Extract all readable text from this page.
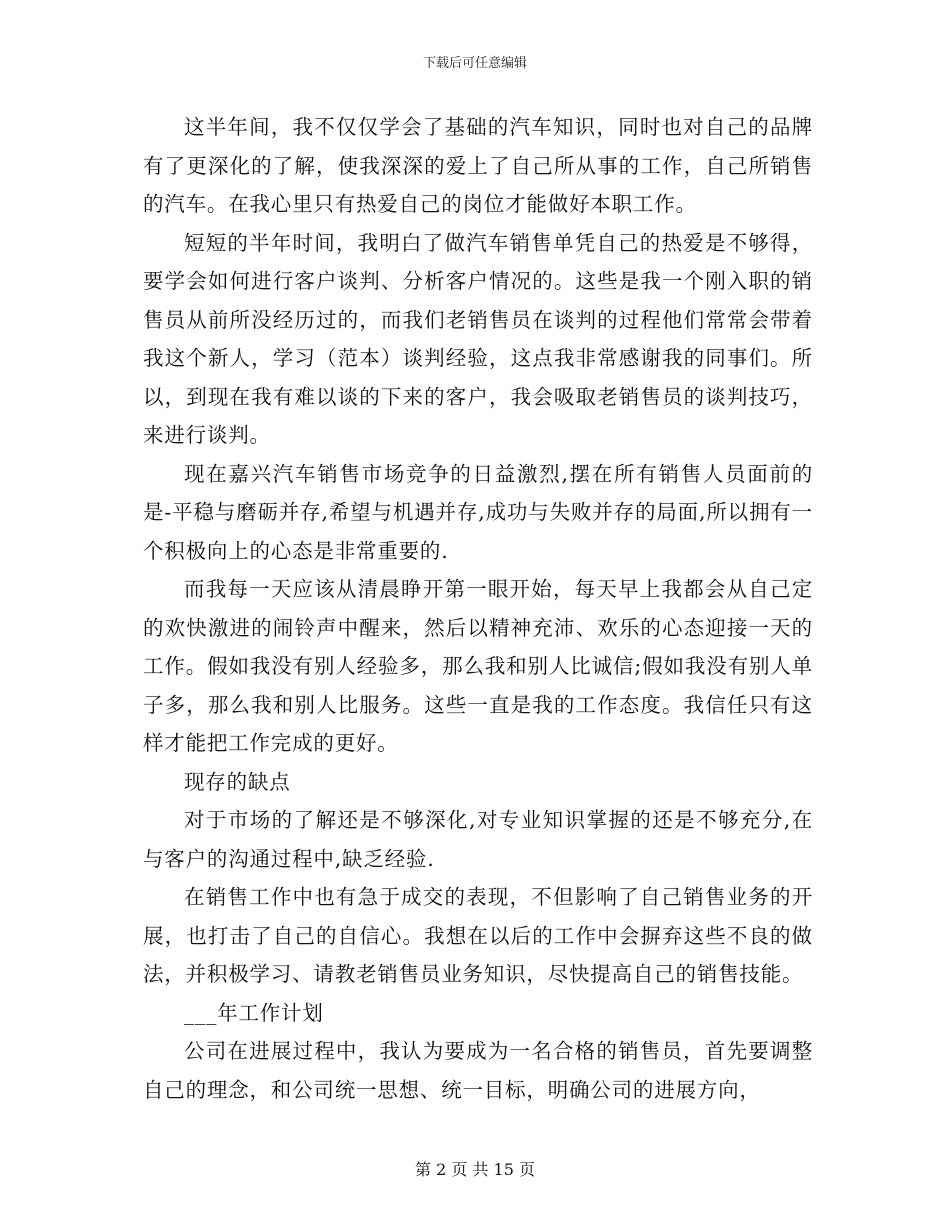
下载后可任意编辑

这半年间，我不仅仅学会了基础的汽车知识，同时也对自己的品牌有了更深化的了解，使我深深的爱上了自己所从事的工作，自己所销售的汽车。在我心里只有热爱自己的岗位才能做好本职工作。

短短的半年时间，我明白了做汽车销售单凭自己的热爱是不够得，要学会如何进行客户谈判、分析客户情况的。这些是我一个刚入职的销售员从前所没经历过的，而我们老销售员在谈判的过程他们常常会带着我这个新人，学习（范本）谈判经验，这点我非常感谢我的同事们。所以，到现在我有难以谈的下来的客户，我会吸取老销售员的谈判技巧，来进行谈判。

现在嘉兴汽车销售市场竞争的日益激烈,摆在所有销售人员面前的是-平稳与磨砺并存,希望与机遇并存,成功与失败并存的局面,所以拥有一个积极向上的心态是非常重要的.

而我每一天应该从清晨睁开第一眼开始，每天早上我都会从自己定的欢快激进的闹铃声中醒来，然后以精神充沛、欢乐的心态迎接一天的工作。假如我没有别人经验多，那么我和别人比诚信;假如我没有别人单子多，那么我和别人比服务。这些一直是我的工作态度。我信任只有这样才能把工作完成的更好。

现存的缺点

对于市场的了解还是不够深化,对专业知识掌握的还是不够充分,在与客户的沟通过程中,缺乏经验.

在销售工作中也有急于成交的表现，不但影响了自己销售业务的开展，也打击了自己的自信心。我想在以后的工作中会摒弃这些不良的做法，并积极学习、请教老销售员业务知识，尽快提高自己的销售技能。

___年工作计划

公司在进展过程中，我认为要成为一名合格的销售员，首先要调整自己的理念，和公司统一思想、统一目标，明确公司的进展方向，

第 2 页 共 15 页
